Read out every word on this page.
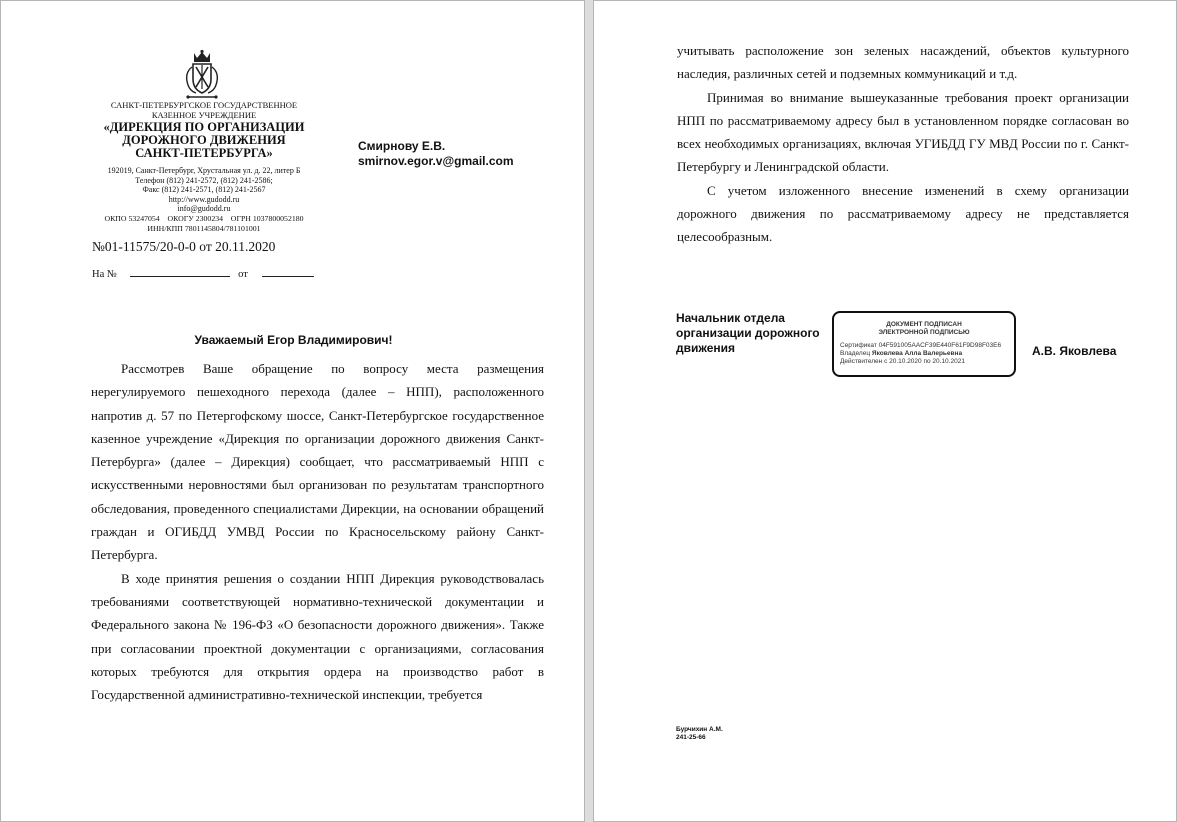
САНКТ-ПЕТЕРБУРГСКОЕ ГОСУДАРСТВЕННОЕ
КАЗЕННОЕ УЧРЕЖДЕНИЕ
«ДИРЕКЦИЯ ПО ОРГАНИЗАЦИИ
ДОРОЖНОГО ДВИЖЕНИЯ
САНКТ-ПЕТЕРБУРГА»
192019, Санкт-Петербург, Хрустальная ул. д. 22, литер Б
Телефон (812) 241-2572, (812) 241-2586;
Факс (812) 241-2571, (812) 241-2567
http://www.gudodd.ru
info@gudodd.ru
ОКПО 53247054    ОКОГУ 2300234    ОГРН 1037800052180
ИНН/КПП 7801145804/781101001
Смирнову Е.В.
smirnov.egor.v@gmail.com
№01-11575/20-0-0 от 20.11.2020
На №	от
Уважаемый Егор Владимирович!

Рассмотрев Ваше обращение по вопросу места размещения нерегулируемого пешеходного перехода (далее – НПП), расположенного напротив д. 57 по Петергофскому шоссе, Санкт-Петербургское государственное казенное учреждение «Дирекция по организации дорожного движения Санкт-Петербурга» (далее – Дирекция) сообщает, что рассматриваемый НПП с искусственными неровностями был организован по результатам транспортного обследования, проведенного специалистами Дирекции, на основании обращений граждан и ОГИБДД УМВД России по Красносельскому району Санкт-Петербурга.

В ходе принятия решения о создании НПП Дирекция руководствовалась требованиями соответствующей нормативно-технической документации и Федерального закона № 196-ФЗ «О безопасности дорожного движения». Также при согласовании проектной документации с организациями, согласования которых требуются для открытия ордера на производство работ в Государственной административно-технической инспекции, требуется

учитывать расположение зон зеленых насаждений, объектов культурного наследия, различных сетей и подземных коммуникаций и т.д.

Принимая во внимание вышеуказанные требования проект организации НПП по рассматриваемому адресу был в установленном порядке согласован во всех необходимых организациях, включая УГИБДД ГУ МВД России по г. Санкт-Петербургу и Ленинградской области.

С учетом изложенного внесение изменений в схему организации дорожного движения по рассматриваемому адресу не представляется целесообразным.

Начальник отдела
организации дорожного
движения
ДОКУМЕНТ ПОДПИСАН
ЭЛЕКТРОННОЙ ПОДПИСЬЮ
Сертификат 04F591005AACF39E440F61F9D98F03E6
Владелец Яковлева Алла Валерьевна
Действителен с 20.10.2020 по 20.10.2021
А.В. Яковлева
Бурчихин А.М.
241-25-66
